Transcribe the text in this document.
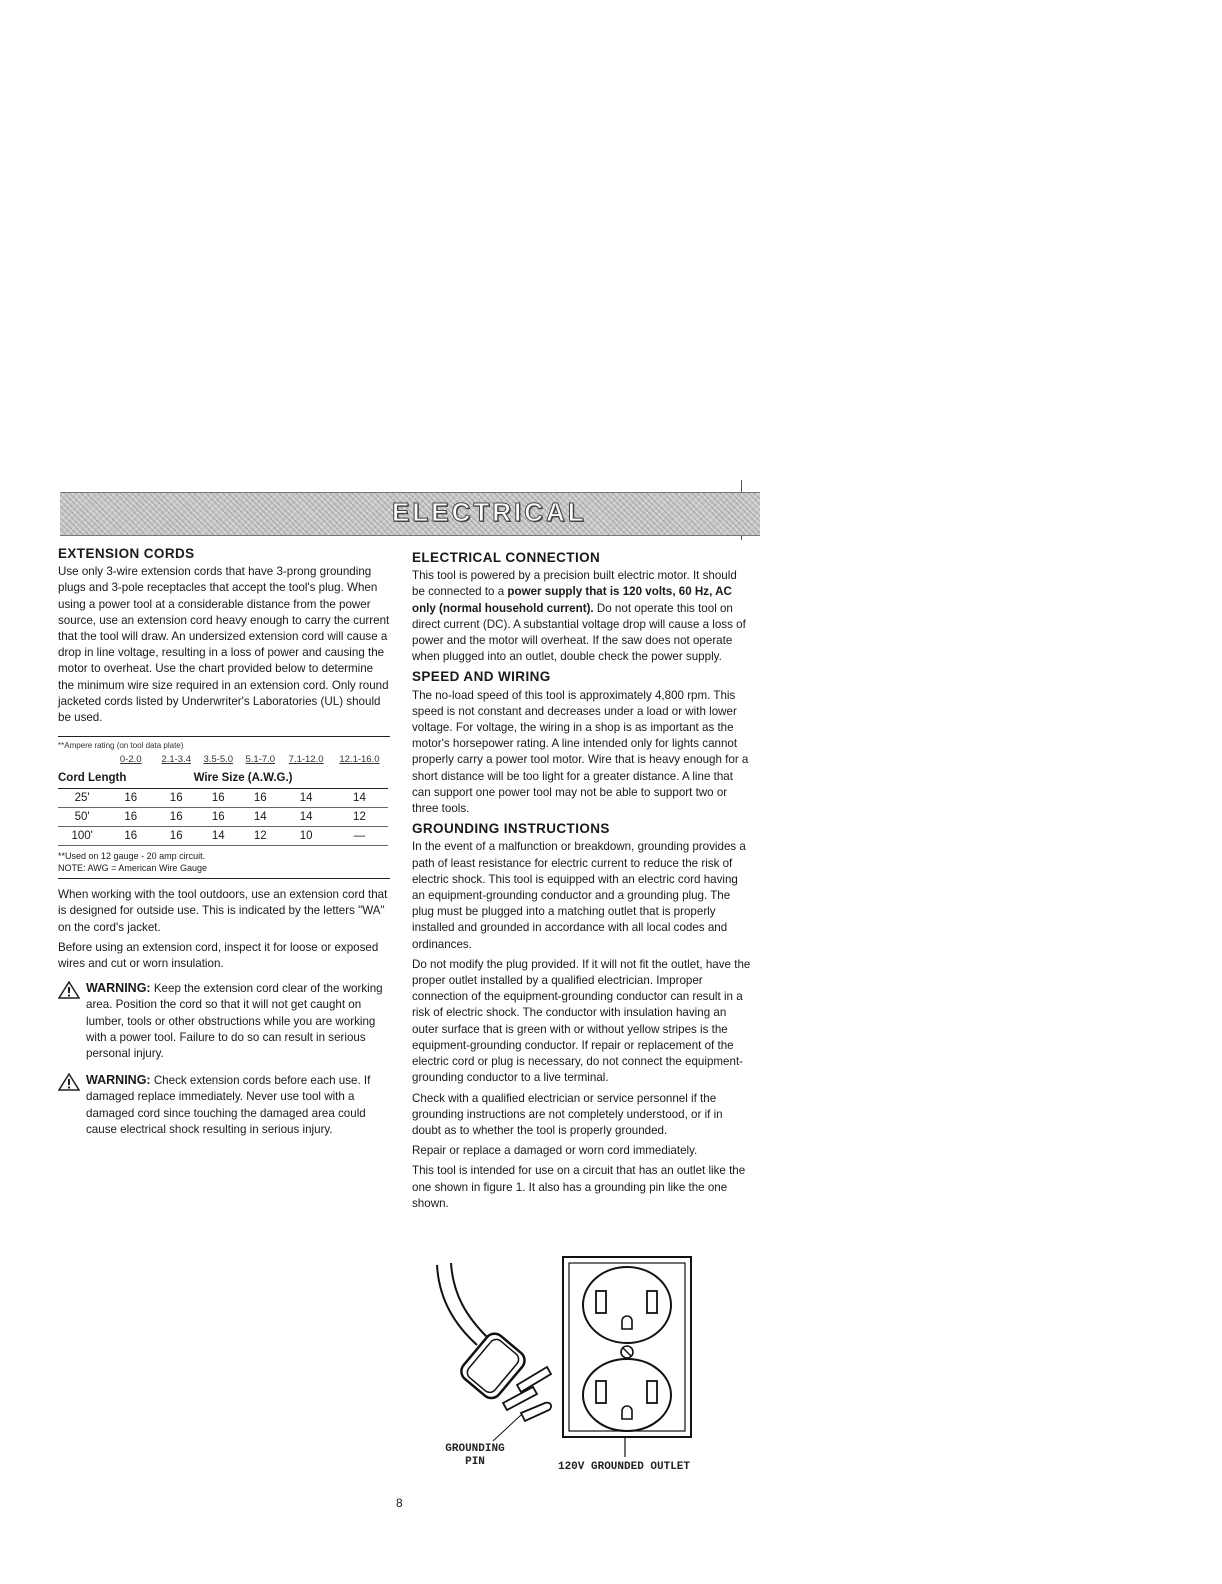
ELECTRICAL
EXTENSION CORDS

Use only 3-wire extension cords that have 3-prong grounding plugs and 3-pole receptacles that accept the tool's plug. When using a power tool at a considerable distance from the power source, use an extension cord heavy enough to carry the current that the tool will draw. An undersized extension cord will cause a drop in line voltage, resulting in a loss of power and causing the motor to overheat. Use the chart provided below to determine the minimum wire size required in an extension cord. Only round jacketed cords listed by Underwriter's Laboratories (UL) should be used.

**Ampere rating (on tool data plate)
	0-2.0	2.1-3.4	3.5-5.0	5.1-7.0	7.1-12.0	12.1-16.0
Cord Length		Wire Size (A.W.G.)				
25'	16	16	16	16	14	14
50'	16	16	16	14	14	12
100'	16	16	14	12	10	—
**Used on 12 gauge - 20 amp circuit.
NOTE: AWG = American Wire Gauge

When working with the tool outdoors, use an extension cord that is designed for outside use. This is indicated by the letters "WA" on the cord's jacket.

Before using an extension cord, inspect it for loose or exposed wires and cut or worn insulation.

WARNING: Keep the extension cord clear of the working area. Position the cord so that it will not get caught on lumber, tools or other obstructions while you are working with a power tool. Failure to do so can result in serious personal injury.
WARNING: Check extension cords before each use. If damaged replace immediately. Never use tool with a damaged cord since touching the damaged area could cause electrical shock resulting in serious injury.
ELECTRICAL CONNECTION

This tool is powered by a precision built electric motor. It should be connected to a power supply that is 120 volts, 60 Hz, AC only (normal household current). Do not operate this tool on direct current (DC). A substantial voltage drop will cause a loss of power and the motor will overheat. If the saw does not operate when plugged into an outlet, double check the power supply.

SPEED AND WIRING

The no-load speed of this tool is approximately 4,800 rpm. This speed is not constant and decreases under a load or with lower voltage. For voltage, the wiring in a shop is as important as the motor's horsepower rating. A line intended only for lights cannot properly carry a power tool motor. Wire that is heavy enough for a short distance will be too light for a greater distance. A line that can support one power tool may not be able to support two or three tools.

GROUNDING INSTRUCTIONS

In the event of a malfunction or breakdown, grounding provides a path of least resistance for electric current to reduce the risk of electric shock. This tool is equipped with an electric cord having an equipment-grounding conductor and a grounding plug. The plug must be plugged into a matching outlet that is properly installed and grounded in accordance with all local codes and ordinances.

Do not modify the plug provided. If it will not fit the outlet, have the proper outlet installed by a qualified electrician. Improper connection of the equipment-grounding conductor can result in a risk of electric shock. The conductor with insulation having an outer surface that is green with or without yellow stripes is the equipment-grounding conductor. If repair or replacement of the electric cord or plug is necessary, do not connect the equipment-grounding conductor to a live terminal.

Check with a qualified electrician or service personnel if the grounding instructions are not completely understood, or if in doubt as to whether the tool is properly grounded.

Repair or replace a damaged or worn cord immediately.

This tool is intended for use on a circuit that has an outlet like the one shown in figure 1. It also has a grounding pin like the one shown.

GROUNDING
PIN	120V GROUNDED OUTLET
8
